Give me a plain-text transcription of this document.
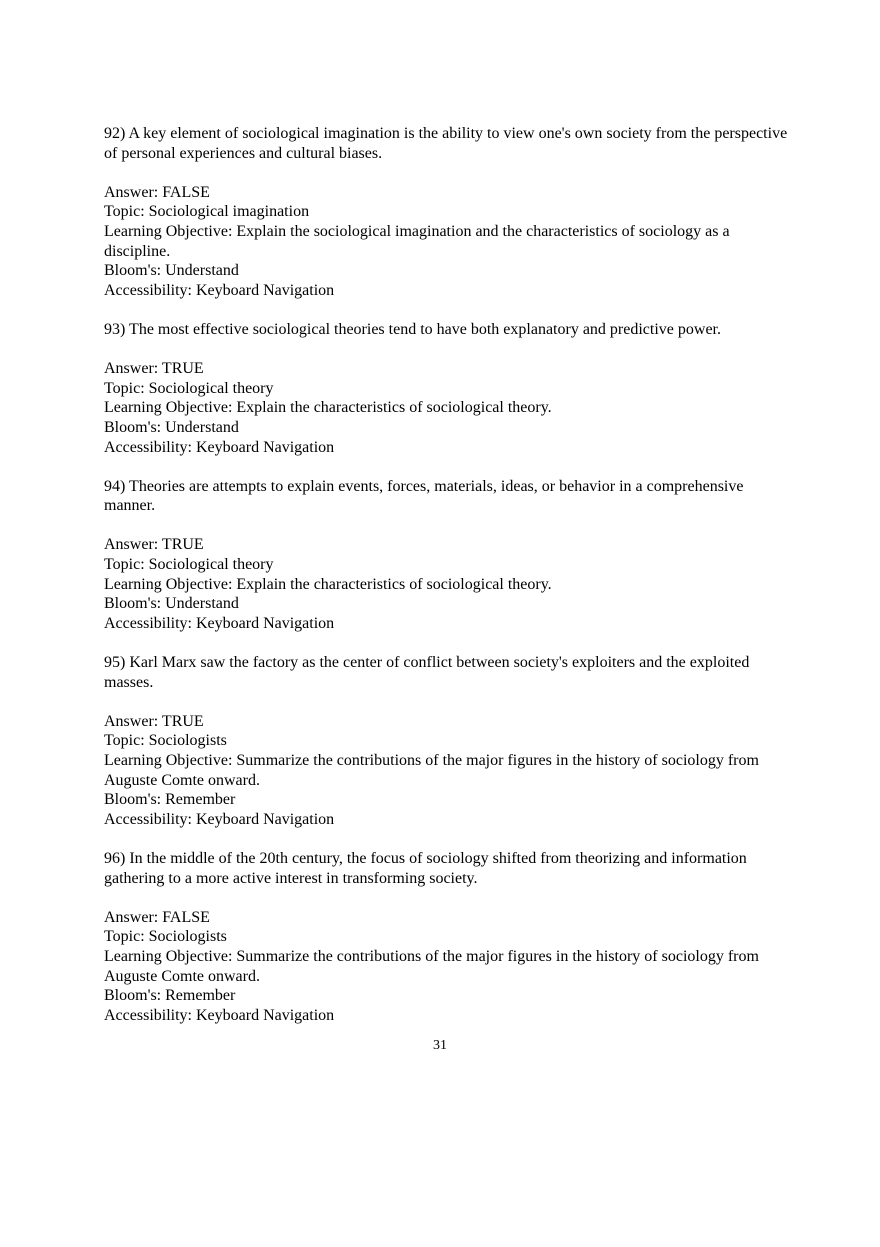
92) A key element of sociological imagination is the ability to view one's own society from the perspective of personal experiences and cultural biases.

Answer: FALSE

Topic: Sociological imagination

Learning Objective: Explain the sociological imagination and the characteristics of sociology as a discipline.

Bloom's: Understand

Accessibility: Keyboard Navigation

93) The most effective sociological theories tend to have both explanatory and predictive power.

Answer: TRUE

Topic: Sociological theory

Learning Objective: Explain the characteristics of sociological theory.

Bloom's: Understand

Accessibility: Keyboard Navigation

94) Theories are attempts to explain events, forces, materials, ideas, or behavior in a comprehensive manner.

Answer: TRUE

Topic: Sociological theory

Learning Objective: Explain the characteristics of sociological theory.

Bloom's: Understand

Accessibility: Keyboard Navigation

95) Karl Marx saw the factory as the center of conflict between society's exploiters and the exploited masses.

Answer: TRUE

Topic: Sociologists

Learning Objective: Summarize the contributions of the major figures in the history of sociology from Auguste Comte onward.

Bloom's: Remember

Accessibility: Keyboard Navigation

96) In the middle of the 20th century, the focus of sociology shifted from theorizing and information gathering to a more active interest in transforming society.

Answer: FALSE

Topic: Sociologists

Learning Objective: Summarize the contributions of the major figures in the history of sociology from Auguste Comte onward.

Bloom's: Remember

Accessibility: Keyboard Navigation

31
